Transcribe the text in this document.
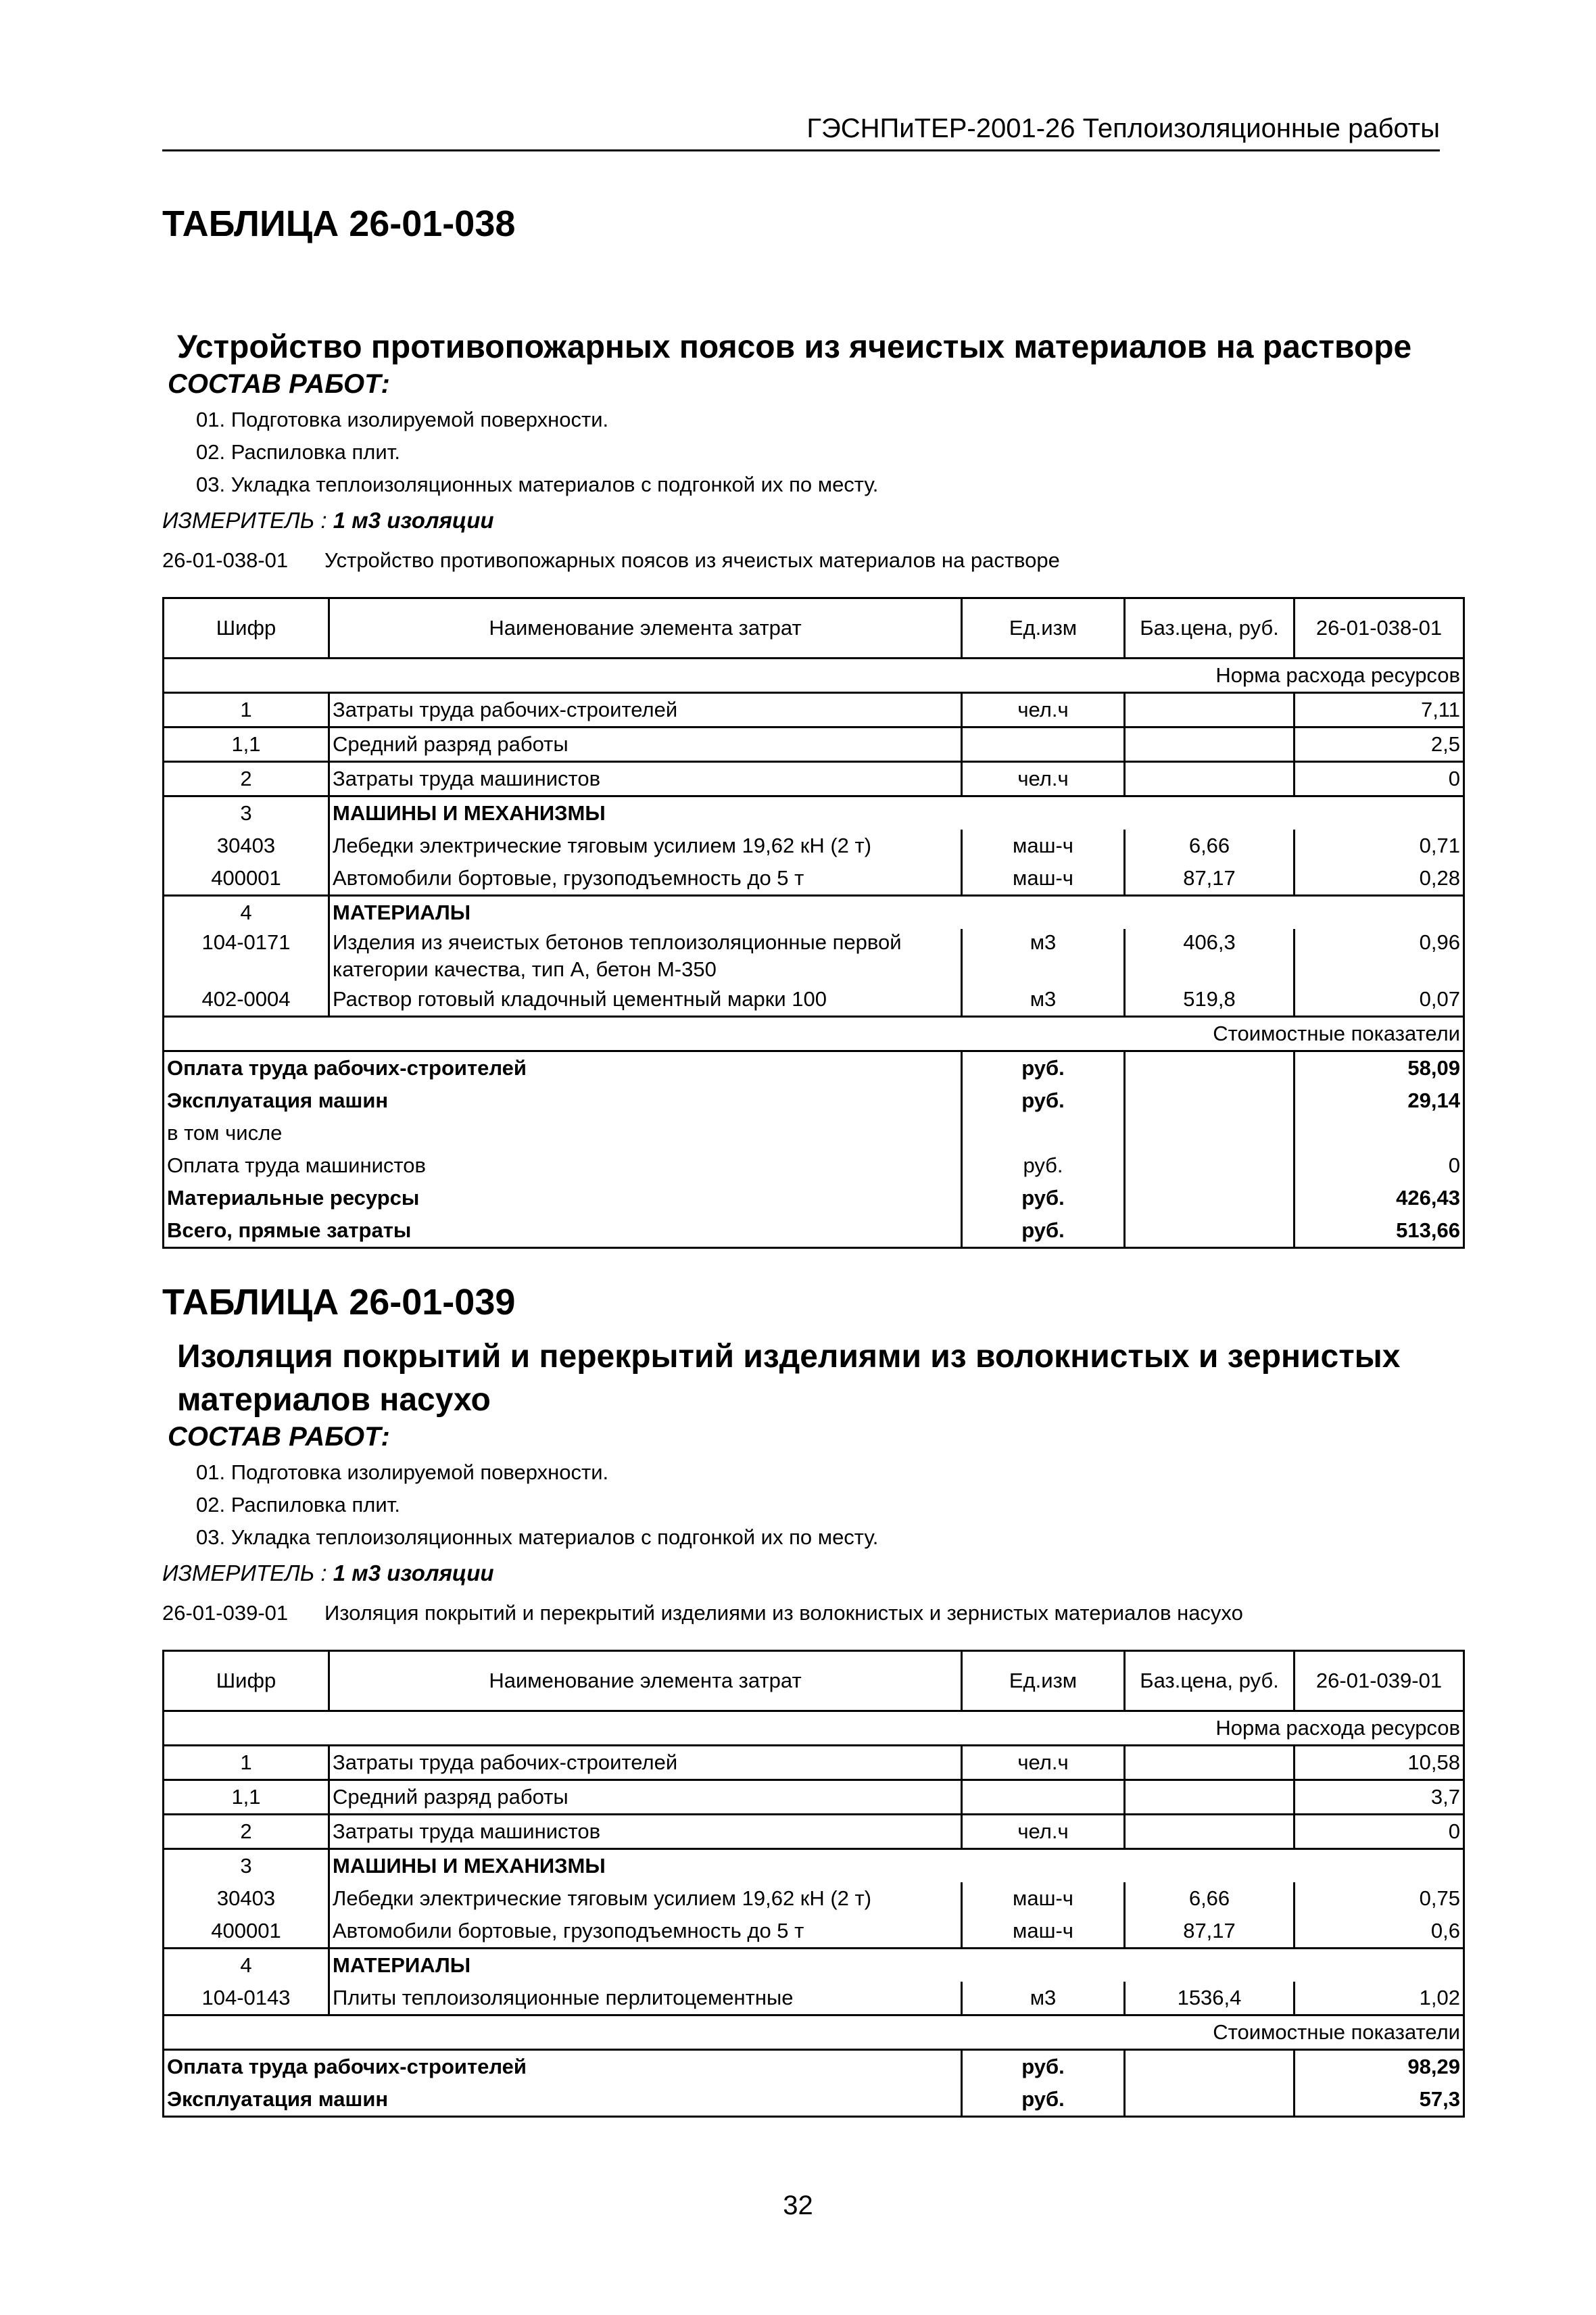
ГЭСНПиТЕР-2001-26 Теплоизоляционные работы

ТАБЛИЦА 26-01-038

Устройство противопожарных поясов из ячеистых материалов на растворе

СОСТАВ РАБОТ:

01. Подготовка изолируемой поверхности.

02. Распиловка плит.

03. Укладка теплоизоляционных материалов с подгонкой их по месту.

ИЗМЕРИТЕЛЬ : 1 м3 изоляции

26-01-038-01 Устройство противопожарных поясов из ячеистых материалов на растворе

Шифр	Наименование элемента затрат	Ед.изм	Баз.цена, руб.	26-01-038-01
Норма расхода ресурсов				
1	Затраты труда рабочих-строителей	чел.ч		7,11
1,1	Средний разряд работы			2,5
2	Затраты труда машинистов	чел.ч		0
3	МАШИНЫ И МЕХАНИЗМЫ			
30403	Лебедки электрические тяговым усилием 19,62 кН (2 т)	маш-ч	6,66	0,71
400001	Автомобили бортовые, грузоподъемность до 5 т	маш-ч	87,17	0,28
4	МАТЕРИАЛЫ			
104-0171	Изделия из ячеистых бетонов теплоизоляционные первой категории качества, тип А, бетон М-350	м3	406,3	0,96
402-0004	Раствор готовый кладочный цементный марки 100	м3	519,8	0,07
Стоимостные показатели				
Оплата труда рабочих-строителей		руб.		58,09
Эксплуатация машин		руб.		29,14
в том числе				
Оплата труда машинистов		руб.		0
Материальные ресурсы		руб.		426,43
Всего, прямые затраты		руб.		513,66

ТАБЛИЦА 26-01-039

Изоляция покрытий и перекрытий изделиями из волокнистых и зернистых материалов насухо

СОСТАВ РАБОТ:

01. Подготовка изолируемой поверхности.

02. Распиловка плит.

03. Укладка теплоизоляционных материалов с подгонкой их по месту.

ИЗМЕРИТЕЛЬ : 1 м3 изоляции

26-01-039-01 Изоляция покрытий и перекрытий изделиями из волокнистых и зернистых материалов насухо

Шифр	Наименование элемента затрат	Ед.изм	Баз.цена, руб.	26-01-039-01
Норма расхода ресурсов				
1	Затраты труда рабочих-строителей	чел.ч		10,58
1,1	Средний разряд работы			3,7
2	Затраты труда машинистов	чел.ч		0
3	МАШИНЫ И МЕХАНИЗМЫ			
30403	Лебедки электрические тяговым усилием 19,62 кН (2 т)	маш-ч	6,66	0,75
400001	Автомобили бортовые, грузоподъемность до 5 т	маш-ч	87,17	0,6
4	МАТЕРИАЛЫ			
104-0143	Плиты теплоизоляционные перлитоцементные	м3	1536,4	1,02
Стоимостные показатели				
Оплата труда рабочих-строителей		руб.		98,29
Эксплуатация машин		руб.		57,3
32
